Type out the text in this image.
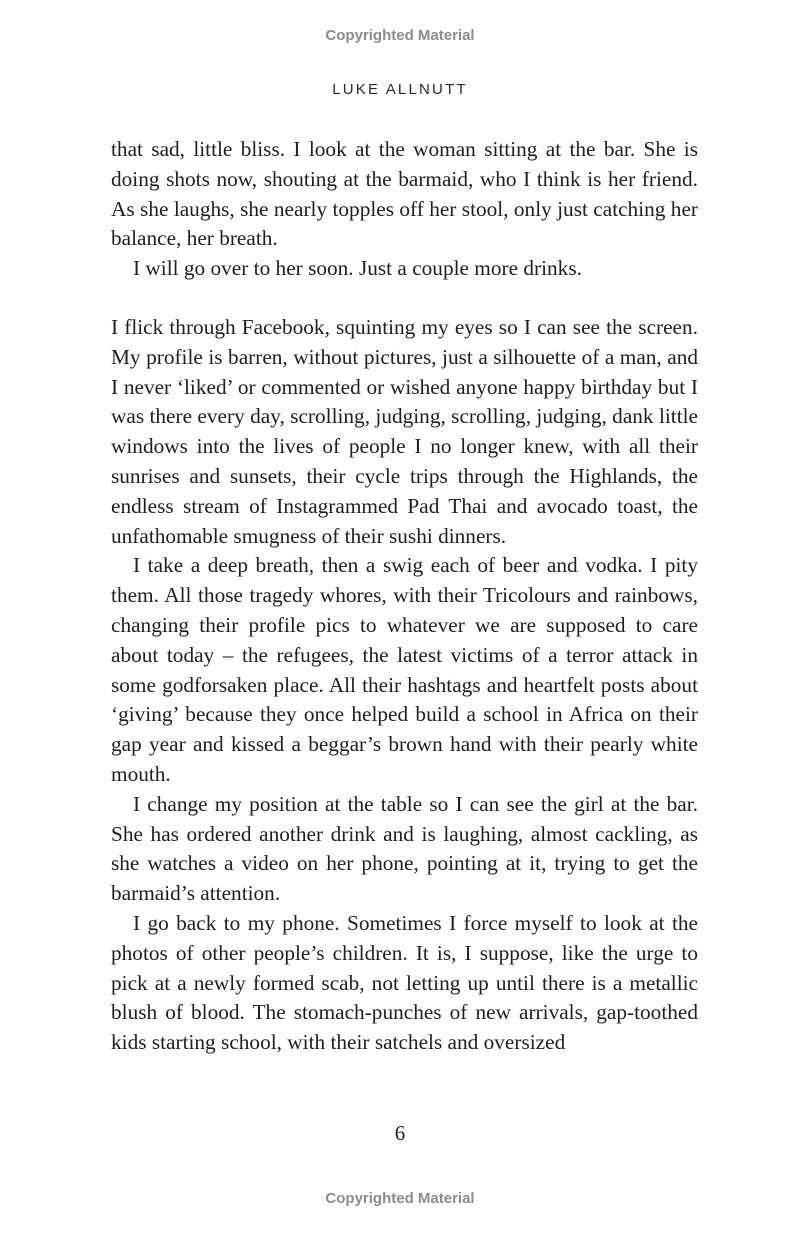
Copyrighted Material
LUKE ALLNUTT

that sad, little bliss. I look at the woman sitting at the bar. She is doing shots now, shouting at the barmaid, who I think is her friend. As she laughs, she nearly topples off her stool, only just catching her balance, her breath.

I will go over to her soon. Just a couple more drinks.

I flick through Facebook, squinting my eyes so I can see the screen. My profile is barren, without pictures, just a silhouette of a man, and I never ‘liked’ or commented or wished anyone happy birthday but I was there every day, scrolling, judging, scrolling, judging, dank little windows into the lives of people I no longer knew, with all their sunrises and sunsets, their cycle trips through the Highlands, the endless stream of Instagrammed Pad Thai and avocado toast, the unfathomable smugness of their sushi dinners.

I take a deep breath, then a swig each of beer and vodka. I pity them. All those tragedy whores, with their Tricolours and rainbows, changing their profile pics to whatever we are supposed to care about today – the refugees, the latest victims of a terror attack in some godforsaken place. All their hashtags and heartfelt posts about ‘giving’ because they once helped build a school in Africa on their gap year and kissed a beggar’s brown hand with their pearly white mouth.

I change my position at the table so I can see the girl at the bar. She has ordered another drink and is laughing, almost cackling, as she watches a video on her phone, pointing at it, trying to get the barmaid’s attention.

I go back to my phone. Sometimes I force myself to look at the photos of other people’s children. It is, I suppose, like the urge to pick at a newly formed scab, not letting up until there is a metallic blush of blood. The stomach-punches of new arrivals, gap-toothed kids starting school, with their satchels and oversized

6
Copyrighted Material
